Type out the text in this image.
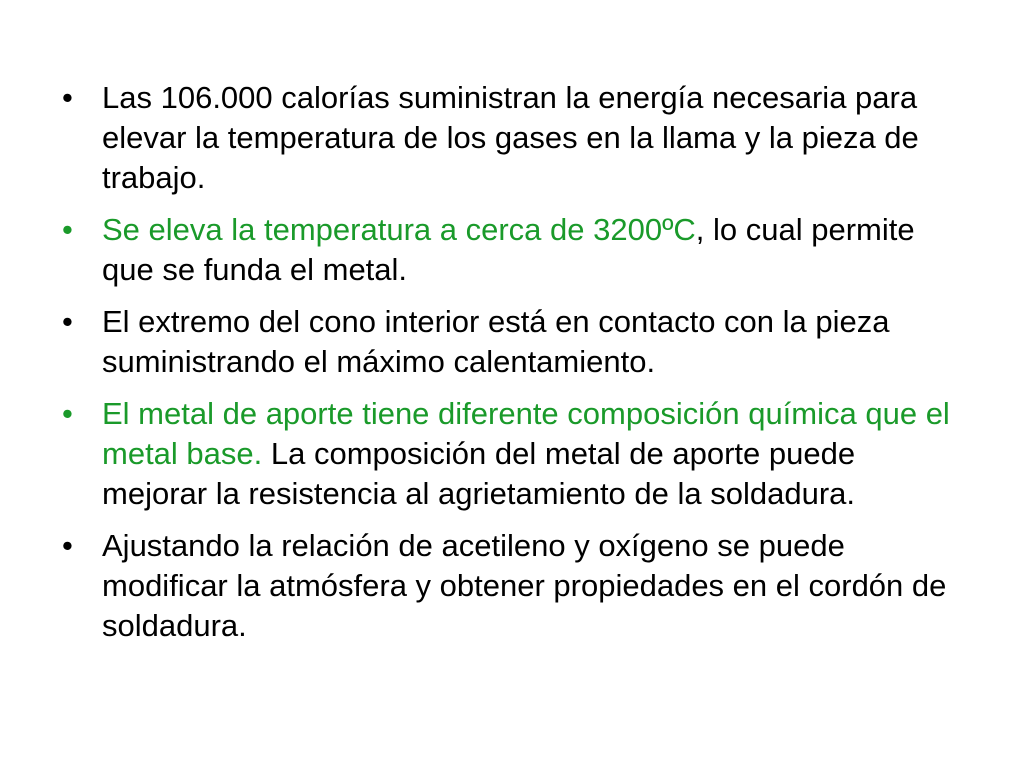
• Las 106.000 calorías suministran la energía necesaria para elevar la temperatura de los gases en la llama y la pieza de trabajo.
• Se eleva la temperatura a cerca de 3200ºC, lo cual permite que se funda el metal.
• El extremo del cono interior está en contacto con la pieza suministrando el máximo calentamiento.
• El metal de aporte tiene diferente composición química que el metal base. La composición del metal de aporte puede mejorar la resistencia al agrietamiento de la soldadura.
• Ajustando la relación de acetileno y oxígeno se puede modificar la atmósfera y obtener propiedades en el cordón de soldadura.
